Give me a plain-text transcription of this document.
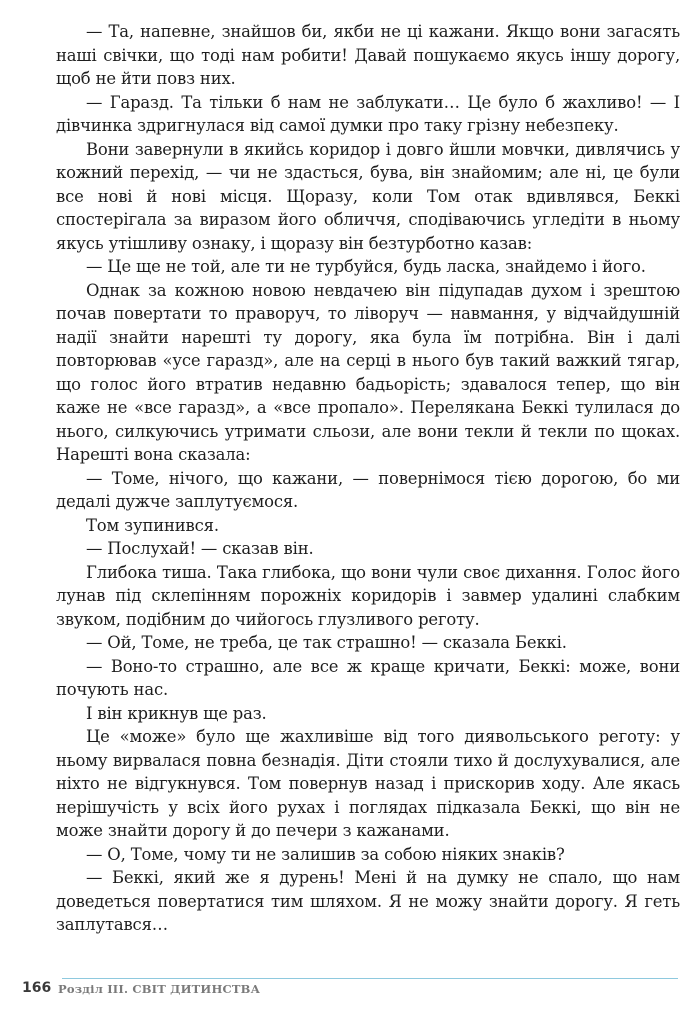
— Та, напевне, знайшов би, якби не ці кажани. Якщо вони загасять наші свічки, що тоді нам робити! Давай пошукаємо якусь іншу дорогу, щоб не йти повз них.

— Гаразд. Та тільки б нам не заблукати… Це було б жахливо! — І дівчинка здригнулася від самої думки про таку грізну небезпеку.

Вони завернули в якийсь коридор і довго йшли мовчки, дивлячись у кожний перехід, — чи не здасться, бува, він знайомим; але ні, це були все нові й нові місця. Щоразу, коли Том отак вдивлявся, Беккі спостерігала за виразом його обличчя, сподіваючись угледіти в ньому якусь утішливу ознаку, і щоразу він безтурботно казав:

— Це ще не той, але ти не турбуйся, будь ласка, знайдемо і його.

Однак за кожною новою невдачею він підупадав духом і зрештою почав повертати то праворуч, то ліворуч — навмання, у відчайдушній надії знайти нарешті ту дорогу, яка була їм потрібна. Він і далі повторював «усе гаразд», але на серці в нього був такий важкий тягар, що голос його втратив недавню бадьорість; здавалося тепер, що він каже не «все гаразд», а «все пропало». Перелякана Беккі тулилася до нього, силкуючись утримати сльози, але вони текли й текли по щоках. Нарешті вона сказала:

— Томе, нічого, що кажани, — повернімося тією дорогою, бо ми дедалі дужче заплутуємося.

Том зупинився.

— Послухай! — сказав він.

Глибока тиша. Така глибока, що вони чули своє дихання. Голос його лунав під склепінням порожніх коридорів і завмер удалині слабким звуком, подібним до чийогось глузливого реготу.

— Ой, Томе, не треба, це так страшно! — сказала Беккі.

— Воно-то страшно, але все ж краще кричати, Беккі: може, вони почують нас.

І він крикнув ще раз.

Це «може» було ще жахливіше від того диявольського реготу: у ньому вирвалася повна безнадія. Діти стояли тихо й дослухувалися, але ніхто не відгукнувся. Том повернув назад і прискорив ходу. Але якась нерішучість у всіх його рухах і поглядах підказала Беккі, що він не може знайти дорогу й до печери з кажанами.

— О, Томе, чому ти не залишив за собою ніяких знаків?

— Беккі, який же я дурень! Мені й на думку не спало, що нам доведеться повертатися тим шляхом. Я не можу знайти дорогу. Я геть заплутався…

166 Розділ ІІІ. СВІТ ДИТИНСТВА
